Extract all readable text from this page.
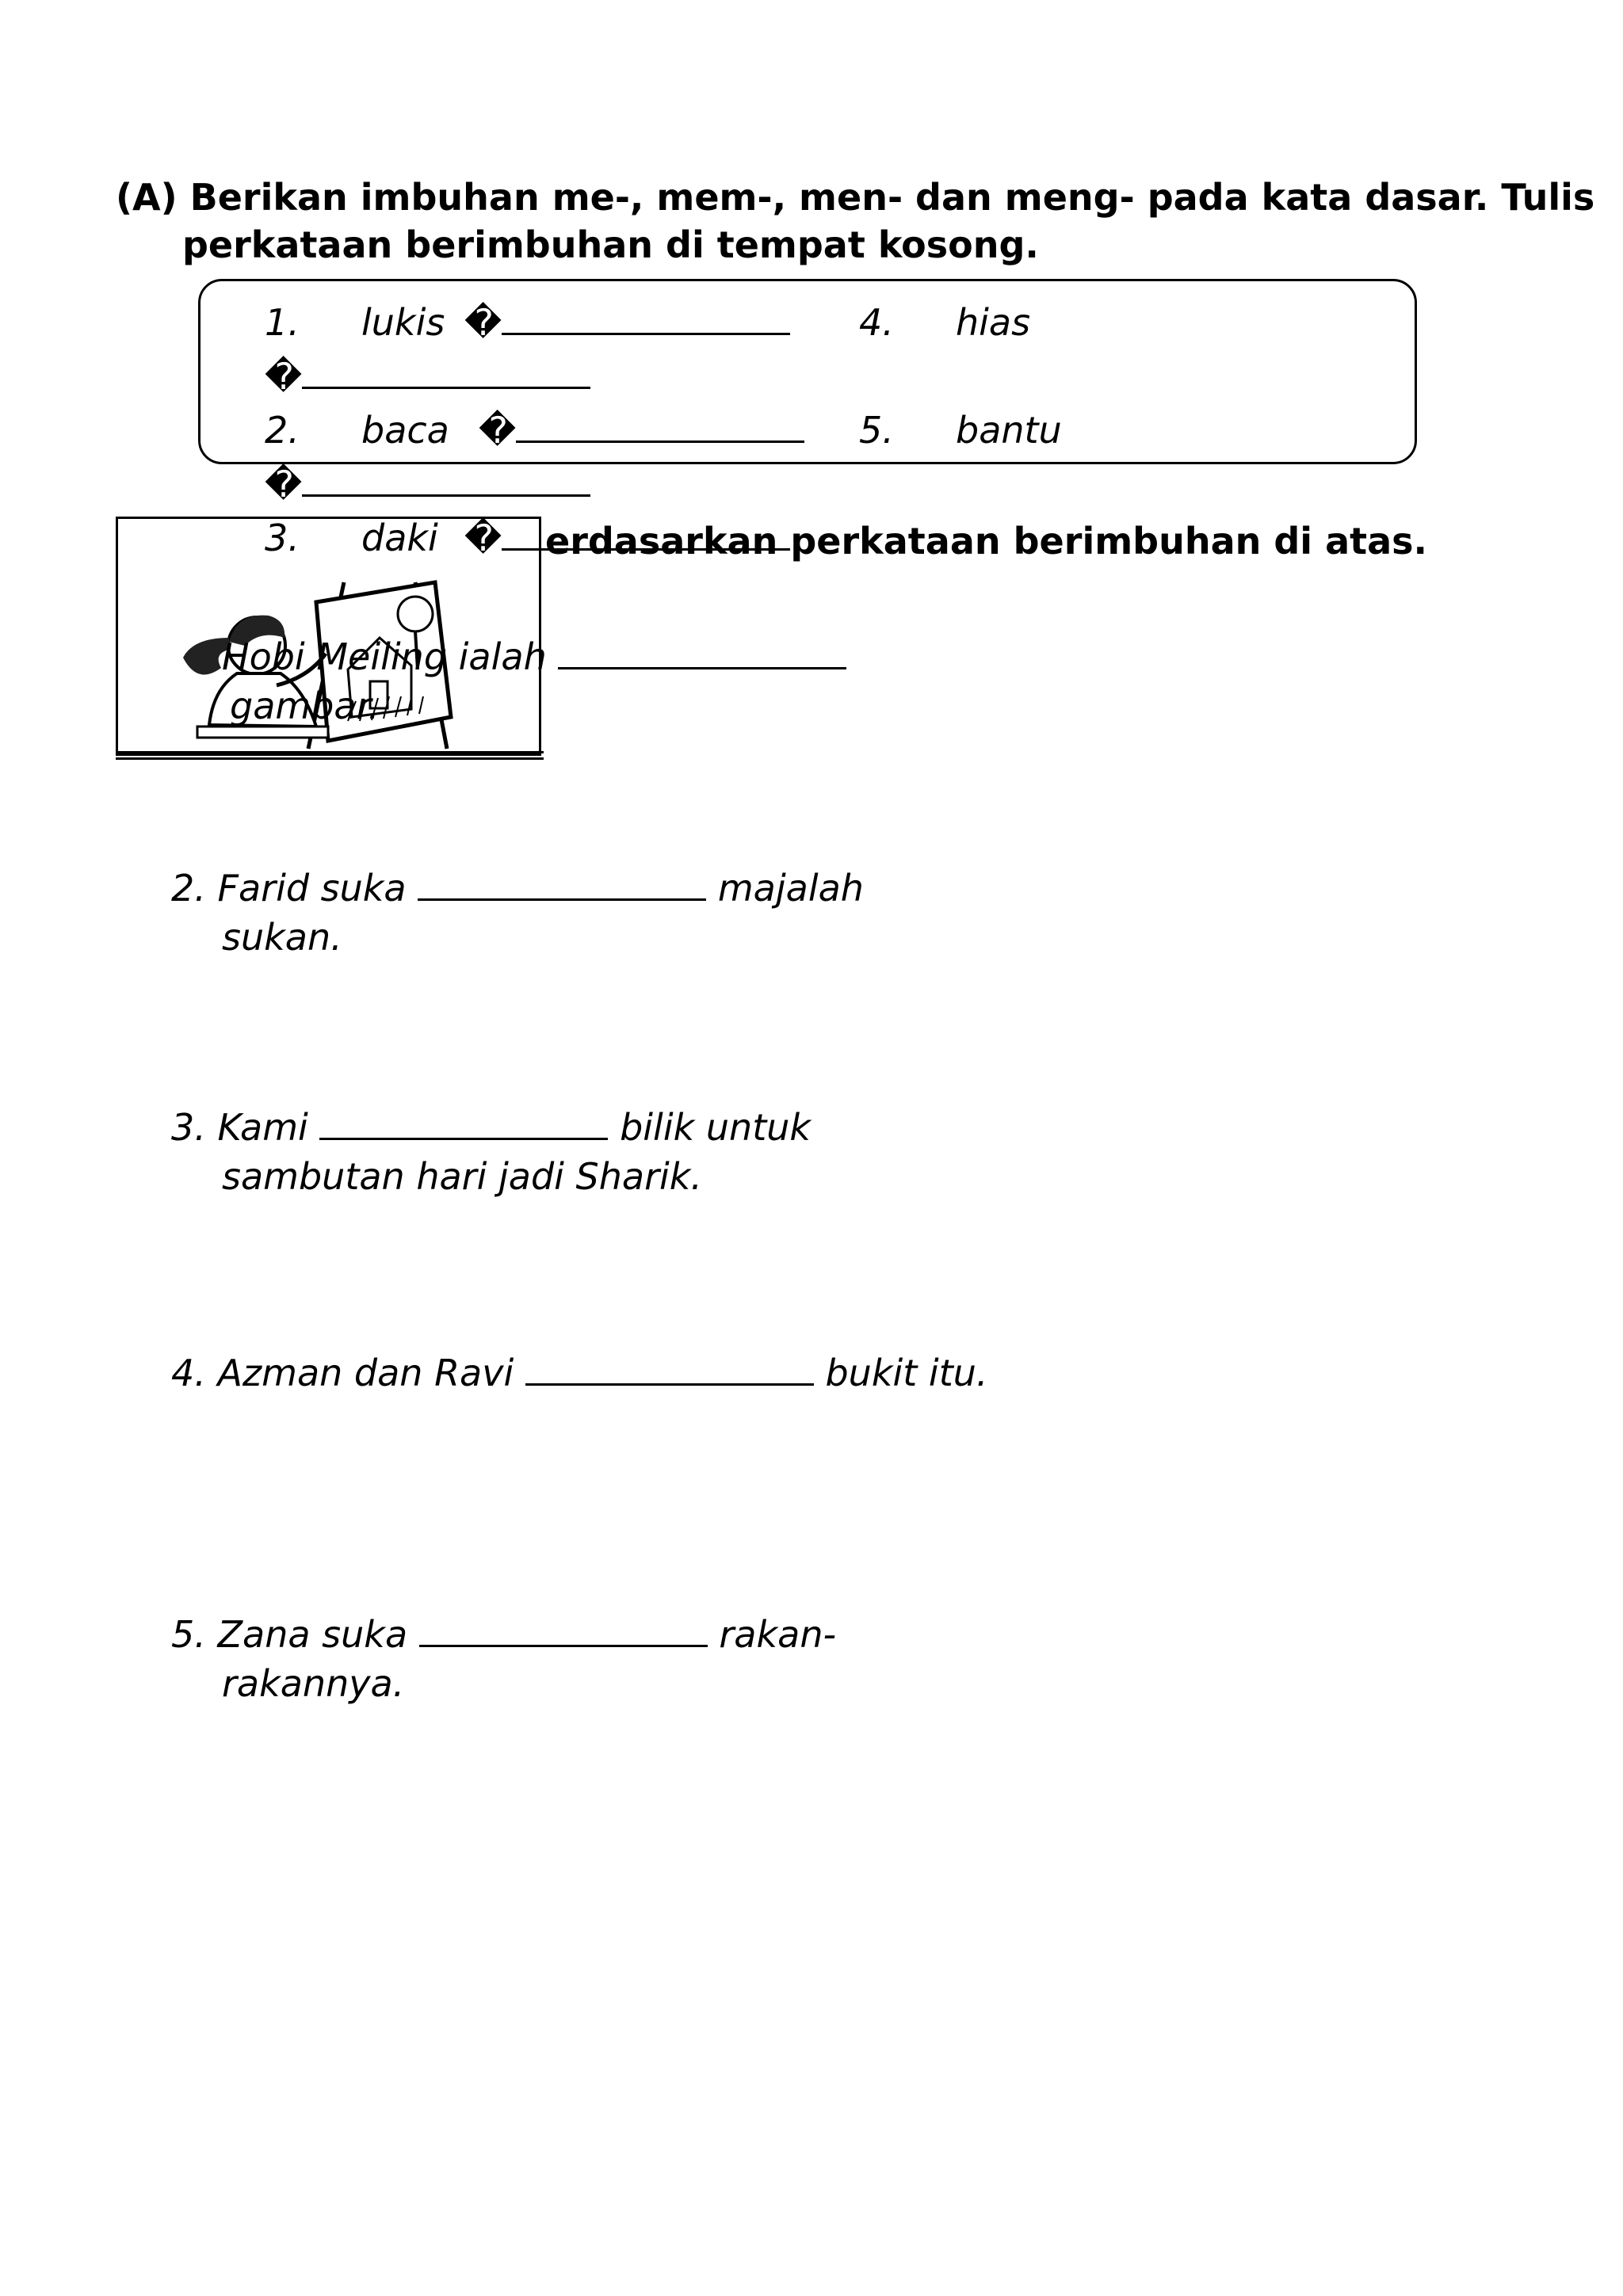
(A) Berikan imbuhan me-, mem-, men- dan meng- pada kata dasar. Tulis
perkataan berimbuhan di tempat kosong.
1. lukis �	4. hias
�
2. baca �	5. bantu
�
3. daki �	erdasarkan perkataan berimbuhan di atas.
Hobi Meiling ialah
gambar.
2. Farid suka	majalah
sukan.
3. Kami	bilik untuk
sambutan hari jadi Sharik.
4. Azman dan Ravi	bukit itu.
5. Zana suka	rakan-
rakannya.
